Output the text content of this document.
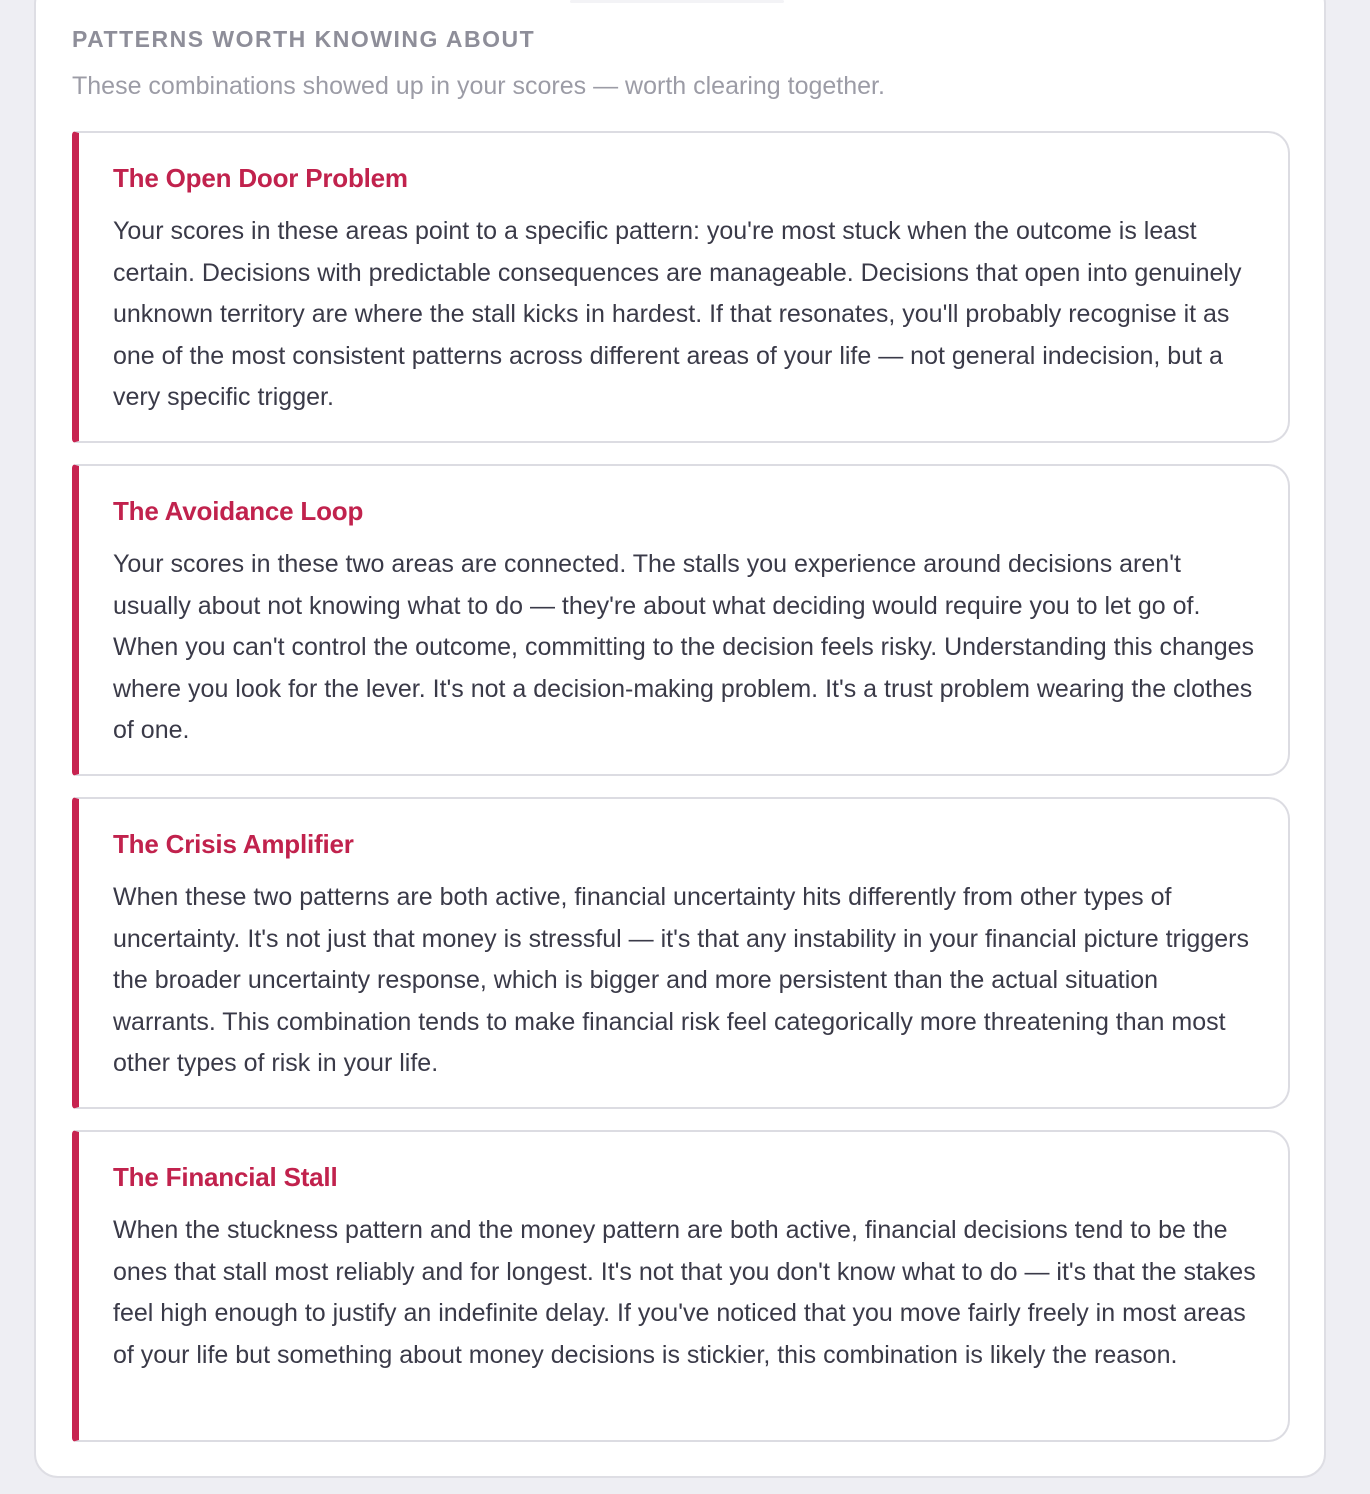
PATTERNS WORTH KNOWING ABOUT
These combinations showed up in your scores — worth clearing together.
The Open Door Problem

Your scores in these areas point to a specific pattern: you're most stuck when the outcome is least certain. Decisions with predictable consequences are manageable. Decisions that open into genuinely unknown territory are where the stall kicks in hardest. If that resonates, you'll probably recognise it as one of the most consistent patterns across different areas of your life — not general indecision, but a very specific trigger.

The Avoidance Loop

Your scores in these two areas are connected. The stalls you experience around decisions aren't usually about not knowing what to do — they're about what deciding would require you to let go of. When you can't control the outcome, committing to the decision feels risky. Understanding this changes where you look for the lever. It's not a decision-making problem. It's a trust problem wearing the clothes of one.

The Crisis Amplifier

When these two patterns are both active, financial uncertainty hits differently from other types of uncertainty. It's not just that money is stressful — it's that any instability in your financial picture triggers the broader uncertainty response, which is bigger and more persistent than the actual situation warrants. This combination tends to make financial risk feel categorically more threatening than most other types of risk in your life.

The Financial Stall

When the stuckness pattern and the money pattern are both active, financial decisions tend to be the ones that stall most reliably and for longest. It's not that you don't know what to do — it's that the stakes feel high enough to justify an indefinite delay. If you've noticed that you move fairly freely in most areas of your life but something about money decisions is stickier, this combination is likely the reason.
